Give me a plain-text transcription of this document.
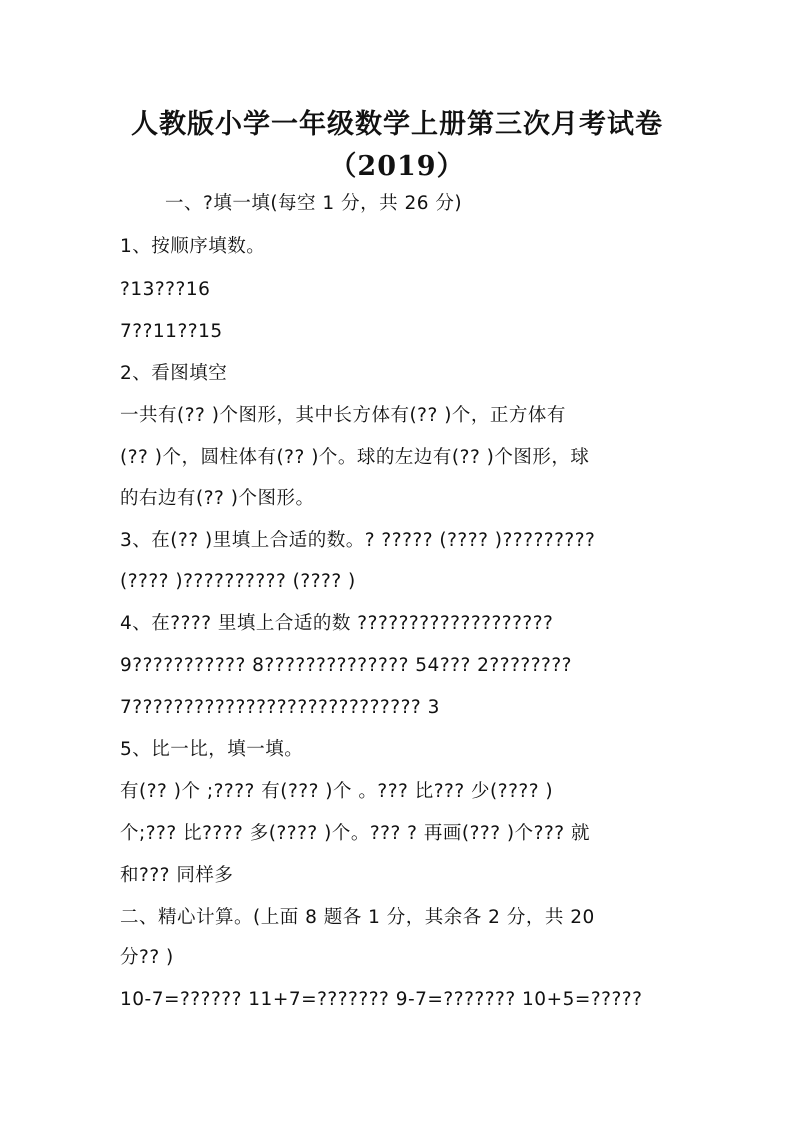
人教版小学一年级数学上册第三次月考试卷
（2019）
一、?填一填(每空 1 分，共 26 分)
1、按顺序填数。
?13???16
7??11??15
2、看图填空
一共有(?? )个图形，其中长方体有(?? )个，正方体有
(?? )个，圆柱体有(?? )个。球的左边有(?? )个图形，球
的右边有(?? )个图形。
3、在(?? )里填上合适的数。? ????? (???? )?????????
(???? )?????????? (???? )
4、在???? 里填上合适的数 ???????????????????
9??????????? 8?????????????? 54??? 2????????
7???????????????????????????? 3
5、比一比，填一填。
有(?? )个 ;???? 有(??? )个 。??? 比??? 少(???? )
个;??? 比???? 多(???? )个。??? ? 再画(??? )个??? 就
和??? 同样多
二、精心计算。(上面 8 题各 1 分，其余各 2 分，共 20
分?? )
10-7=?????? 11+7=??????? 9-7=??????? 10+5=?????
